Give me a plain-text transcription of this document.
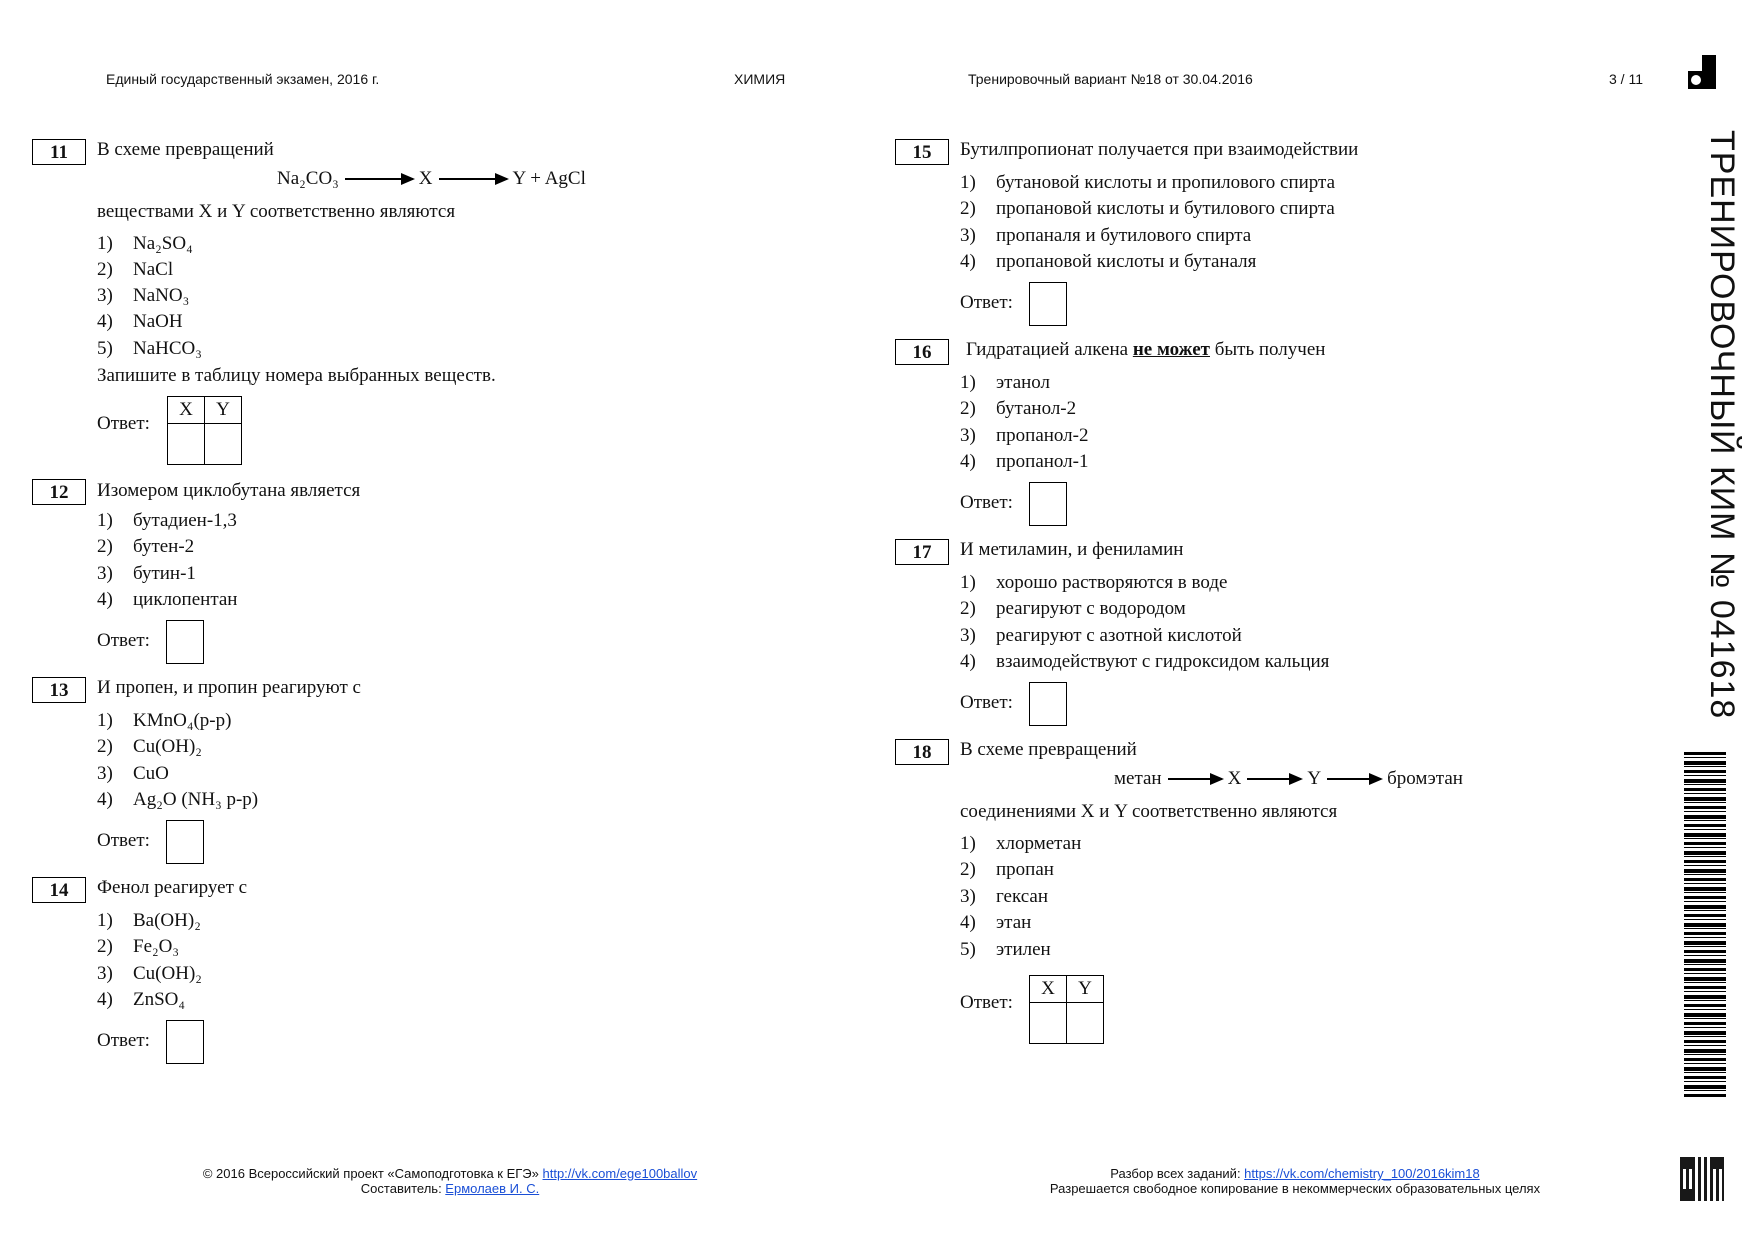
Единый государственный экзамен, 2016 г.	ХИМИЯ	Тренировочный вариант №18 от 30.04.2016	3 / 11
ТРЕНИРОВОЧНЫЙ КИМ № 041618
11	В схеме превращений
Na₂CO₃	X	Y + AgCl
веществами X и Y соответственно являются
1) Na₂SO₄
2) NaCl
3) NaNO₃
4) NaOH
5) NaHCO₃
Запишите в таблицу номера выбранных веществ.
Ответ:
X	Y

12	Изомером циклобутана является
1) бутадиен-1,3
2) бутен-2
3) бутин-1
4) циклопентан
Ответ:
13	И пропен, и пропин реагируют с
1) KMnO₄(р-р)
2) Cu(OH)₂
3) CuO
4) Ag₂O (NH₃ р-р)
Ответ:
14	Фенол реагирует с
1) Ba(OH)₂
2) Fe₂O₃
3) Cu(OH)₂
4) ZnSO₄
Ответ:
15	Бутилпропионат получается при взаимодействии
1) бутановой кислоты и пропилового спирта
2) пропановой кислоты и бутилового спирта
3) пропаналя и бутилового спирта
4) пропановой кислоты и бутаналя
Ответ:
16	Гидратацией алкена не может быть получен
1) этанол
2) бутанол-2
3) пропанол-2
4) пропанол-1
Ответ:
17	И метиламин, и фениламин
1) хорошо растворяются в воде
2) реагируют с водородом
3) реагируют с азотной кислотой
4) взаимодействуют с гидроксидом кальция
Ответ:
18	В схеме превращений
метан	X	Y	бромэтан
соединениями X и Y соответственно являются
1) хлорметан
2) пропан
3) гексан
4) этан
5) этилен
Ответ:
X	Y

© 2016 Всероссийский проект «Самоподготовка к ЕГЭ» http://vk.com/ege100ballov
Составитель: Ермолаев И. С.
Разбор всех заданий: https://vk.com/chemistry_100/2016kim18
Разрешается свободное копирование в некоммерческих образовательных целях
